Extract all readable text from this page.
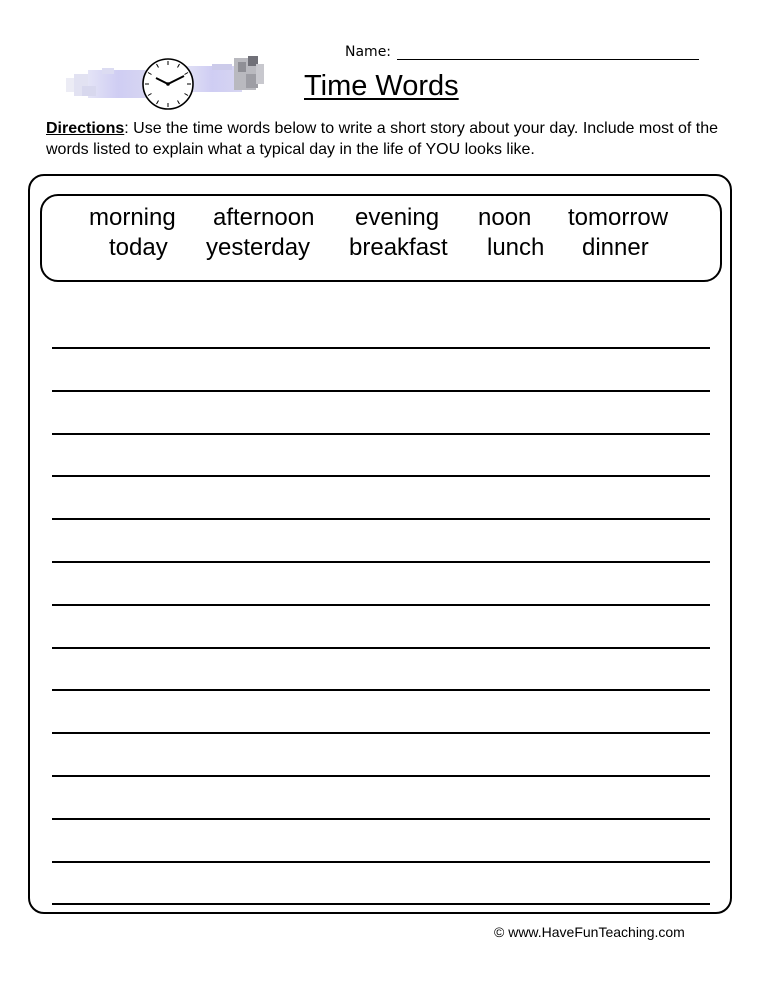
Name:
Time Words
Directions: Use the time words below to write a short story about your day. Include most of the words listed to explain what a typical day in the life of YOU looks like.
morning afternoon evening noon tomorrow
today yesterday breakfast lunch dinner
© www.HaveFunTeaching.com
